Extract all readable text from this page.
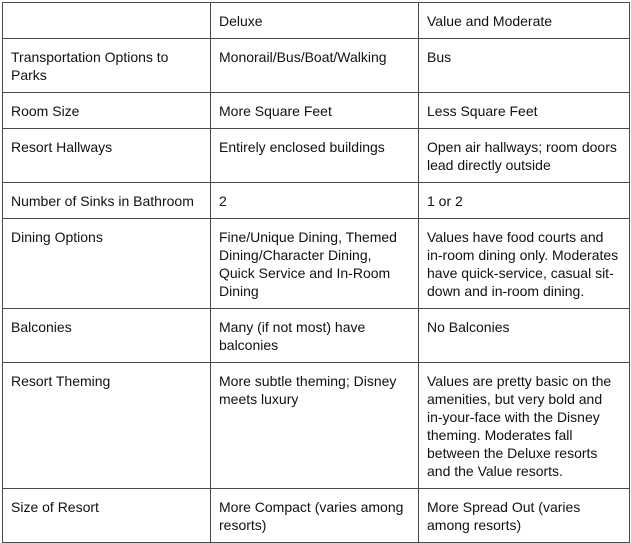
	Deluxe	Value and Moderate
Transportation Options to Parks	Monorail/Bus/Boat/Walking	Bus
Room Size	More Square Feet	Less Square Feet
Resort Hallways	Entirely enclosed buildings	Open air hallways; room doors lead directly outside
Number of Sinks in Bathroom	2	1 or 2
Dining Options	Fine/Unique Dining, Themed Dining/Character Dining, Quick Service and In-Room Dining	Values have food courts and in-room dining only. Moderates have quick-service, casual sit-down and in-room dining.
Balconies	Many (if not most) have balconies	No Balconies
Resort Theming	More subtle theming; Disney meets luxury	Values are pretty basic on the amenities, but very bold and in-your-face with the Disney theming. Moderates fall between the Deluxe resorts and the Value resorts.
Size of Resort	More Compact (varies among resorts)	More Spread Out (varies among resorts)
